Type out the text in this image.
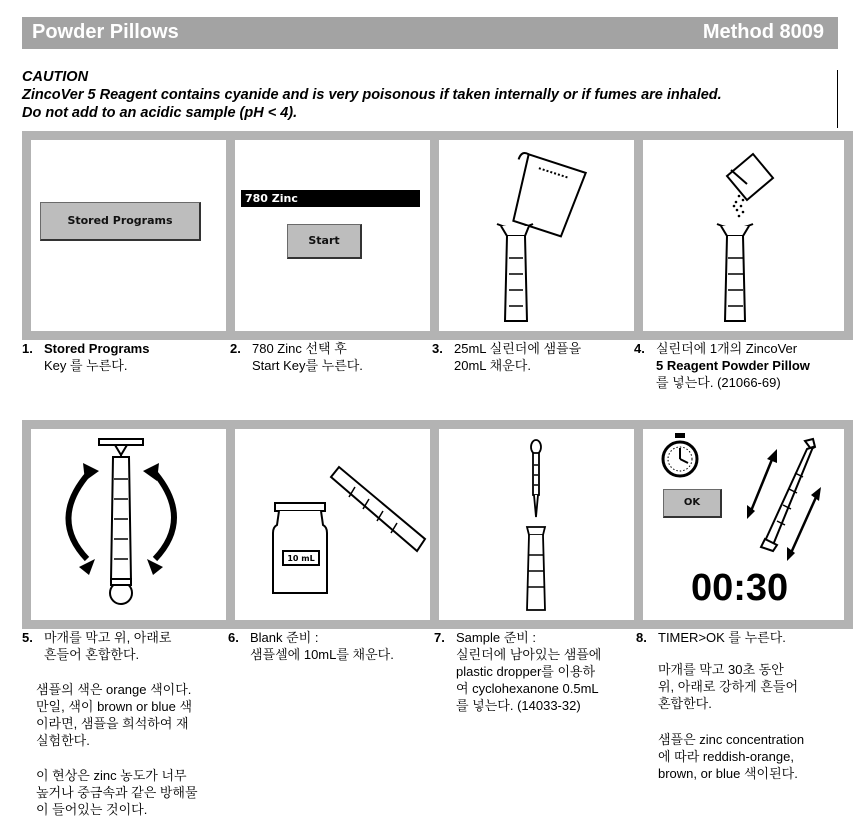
Powder Pillows	Method 8009
CAUTION
ZincoVer 5 Reagent contains cyanide and is very poisonous if taken internally or if fumes are inhaled.
Do not add to an acidic sample (pH < 4).
Stored Programs
780 Zinc
Start
1. Stored Programs

Key 를 누른다.

2. 780 Zinc 선택 후

Start Key를 누른다.

3. 25mL 실린더에 샘플을

20mL 채운다.

4. 실린더에 1개의 ZincoVer

5 Reagent Powder Pillow

를 넣는다. (21066-69)

10 mL
OK
00:30
5. 마개를 막고 위, 아래로

흔들어 혼합한다.

샘플의 색은 orange 색이다.

만일, 색이 brown or blue 색

이라면, 샘플을 희석하여 재

실험한다.

이 현상은 zinc 농도가 너무

높거나 중금속과 같은 방해물

이 들어있는 것이다.

6. Blank 준비 :

샘플셀에 10mL를 채운다.

7. Sample 준비 :

실린더에 남아있는 샘플에

plastic dropper를 이용하

여 cyclohexanone 0.5mL

를 넣는다. (14033-32)

8. TIMER>OK 를 누른다.

마개를 막고 30초 동안

위, 아래로 강하게 흔들어

혼합한다.

샘플은 zinc concentration

에 따라 reddish-orange,

brown, or blue 색이된다.
